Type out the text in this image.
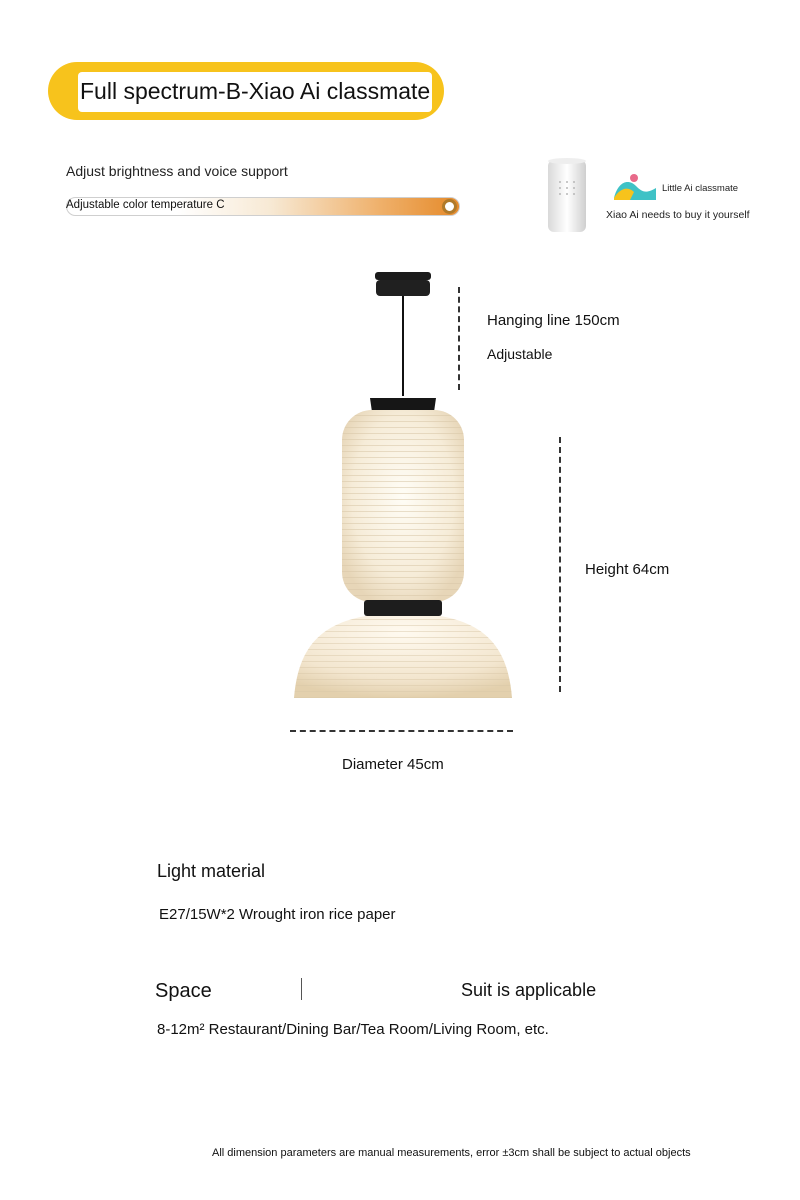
Full spectrum-B-Xiao Ai classmate
Adjust brightness and voice support
Adjustable color temperature C
Little Ai classmate
Xiao Ai needs to buy it yourself
Hanging line 150cm
Adjustable
Height 64cm
Diameter 45cm
Light material
E27/15W*2 Wrought iron rice paper
Space	Suit is applicable
8-12m² Restaurant/Dining Bar/Tea Room/Living Room, etc.
All dimension parameters are manual measurements, error ±3cm shall be subject to actual objects
